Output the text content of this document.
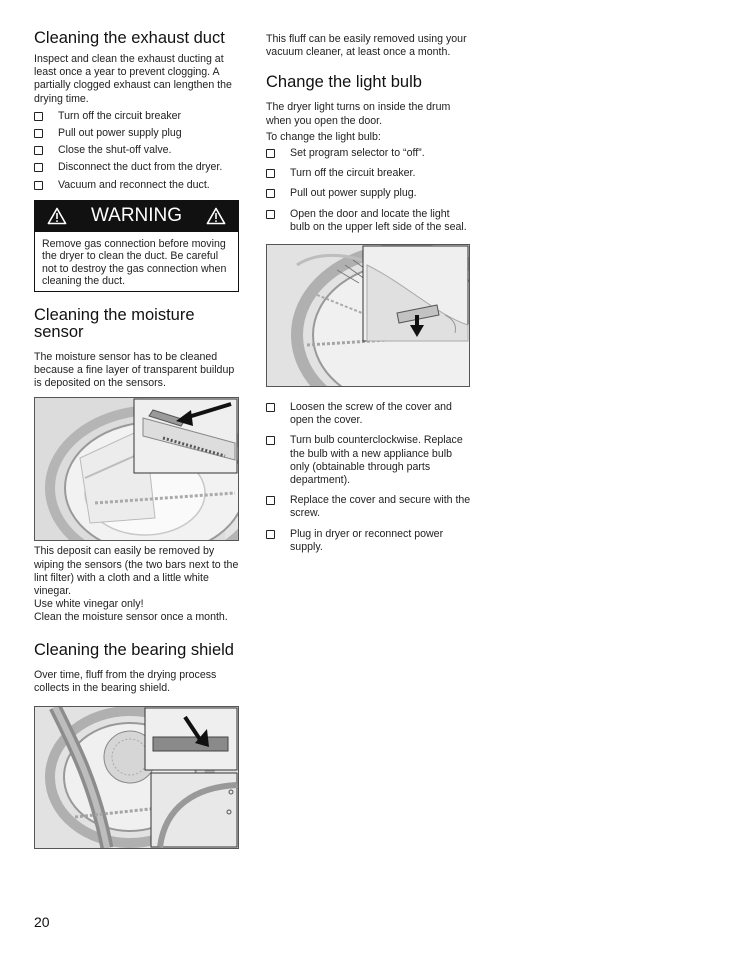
Cleaning the exhaust duct

Inspect and clean the exhaust ducting at least once a year to prevent clogging. A partially clogged exhaust can lengthen the drying time.

Turn off the circuit breaker
Pull out power supply plug
Close the shut-off valve.
Disconnect the duct from the dryer.
Vacuum and reconnect the duct.
WARNING
Remove gas connection before moving the dryer to clean the duct. Be careful not to destroy the gas connection when cleaning the duct.
Cleaning the moisture sensor

The moisture sensor has to be cleaned because a fine layer of transparent buildup is deposited on the sensors.

This deposit can easily be removed by wiping the sensors (the two bars next to the lint filter) with a cloth and a little white vinegar.

Use white vinegar only!

Clean the moisture sensor once a month.

Cleaning the bearing shield

Over time, fluff from the drying process collects in the bearing shield.

This fluff can be easily removed using your vacuum cleaner, at least once a month.

Change the light bulb

The dryer light turns on inside the drum when you open the door.

To change the light bulb:

Set program selector to “off”.
Turn off the circuit breaker.
Pull out power supply plug.
Open the door and locate the light bulb on the upper left side of the seal.
Loosen the screw of the cover and open the cover.
Turn bulb counterclockwise. Replace the bulb with a new appliance bulb only (obtainable through parts department).
Replace the cover and secure with the screw.
Plug in dryer or reconnect power supply.
20
